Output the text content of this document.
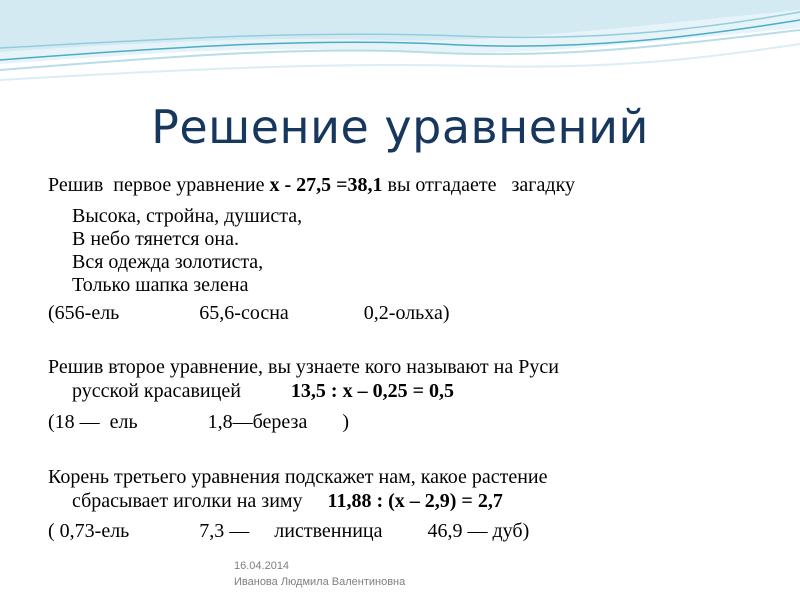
Решение уравнений
Решив  первое уравнение х - 27,5 =38,1 вы отгадаете   загадку
Высока, стройна, душиста,
В небо тянется она.
Вся одежда золотиста,
Только шапка зелена
(656-ель                65,6-сосна               0,2-ольха)
Решив второе уравнение, вы узнаете кого называют на Руси
русской красавицей          13,5 : х – 0,25 = 0,5
(18 —  ель              1,8—береза       )
Корень третьего уравнения подскажет нам, какое растение
сбрасывает иголки на зиму     11,88 : (х – 2,9) = 2,7
( 0,73-ель              7,3 —     лиственница         46,9 — дуб)
16.04.2014
Иванова Людмила Валентиновна
